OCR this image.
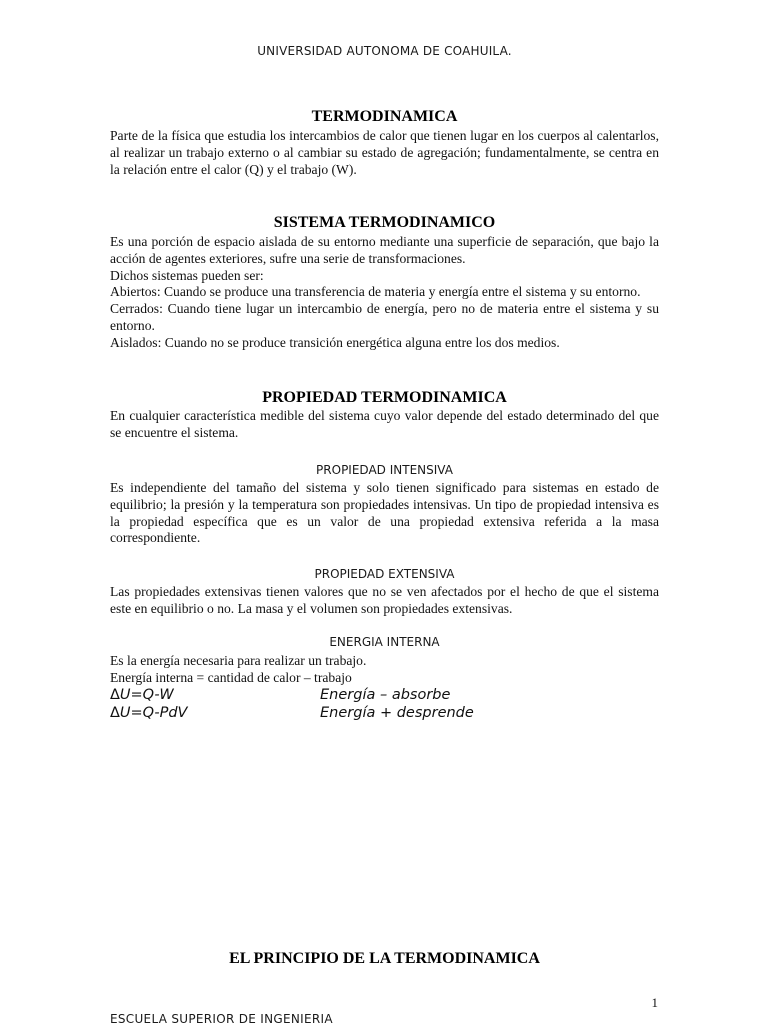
UNIVERSIDAD AUTONOMA DE COAHUILA.
TERMODINAMICA

Parte de la física que estudia los intercambios de calor que tienen lugar en los cuerpos al calentarlos, al realizar un trabajo externo o al cambiar su estado de agregación; fundamentalmente, se centra en la relación entre el calor (Q) y el trabajo (W).

SISTEMA TERMODINAMICO

Es una porción de espacio aislada de su entorno mediante una superficie de separación, que bajo la acción de agentes exteriores, sufre una serie de transformaciones.

Dichos sistemas pueden ser:

Abiertos: Cuando se produce una transferencia de materia y energía entre el sistema y su entorno.

Cerrados: Cuando tiene lugar un intercambio de energía, pero no de materia entre el sistema y su entorno.

Aislados: Cuando no se produce transición energética alguna entre los dos medios.

PROPIEDAD TERMODINAMICA

En cualquier característica medible del sistema cuyo valor depende del estado determinado del que se encuentre el sistema.

PROPIEDAD INTENSIVA

Es independiente del tamaño del sistema y solo tienen significado para sistemas en estado de equilibrio; la presión y la temperatura son propiedades intensivas. Un tipo de propiedad intensiva es la propiedad específica que es un valor de una propiedad extensiva referida a la masa correspondiente.

PROPIEDAD EXTENSIVA

Las propiedades extensivas tienen valores que no se ven afectados por el hecho de que el sistema este en equilibrio o no. La masa y el volumen son propiedades extensivas.

ENERGIA INTERNA

Es la energía necesaria para realizar un trabajo.

Energía interna = cantidad de calor – trabajo

ΔU=Q-W	Energía – absorbe
ΔU=Q-PdV	Energía + desprende
EL PRINCIPIO DE LA TERMODINAMICA
1
ESCUELA SUPERIOR DE INGENIERIA
